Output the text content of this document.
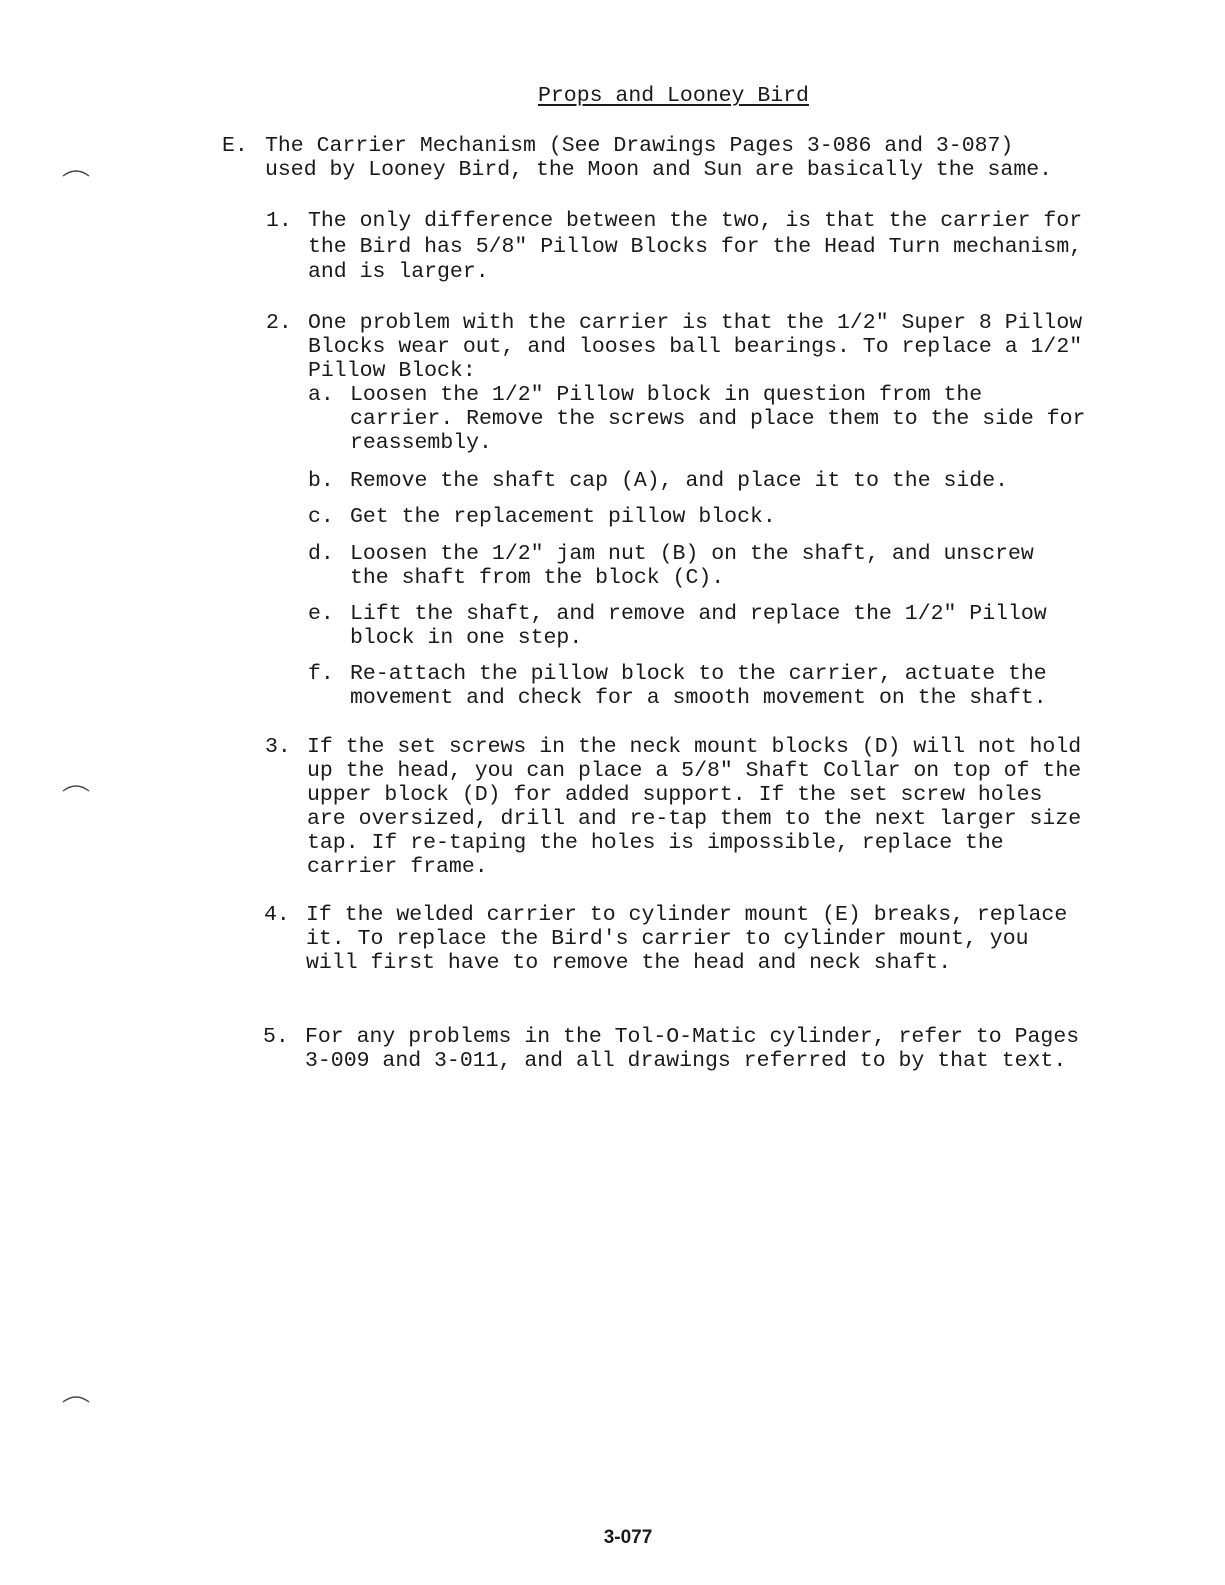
Props and Looney Bird
E. The Carrier Mechanism (See Drawings Pages 3-086 and 3-087)
used by Looney Bird, the Moon and Sun are basically the same.
1. The only difference between the two, is that the carrier for
the Bird has 5/8" Pillow Blocks for the Head Turn mechanism,
and is larger.
2. One problem with the carrier is that the 1/2" Super 8 Pillow
Blocks wear out, and looses ball bearings. To replace a 1/2"
Pillow Block:
a. Loosen the 1/2" Pillow block in question from the
carrier. Remove the screws and place them to the side for
reassembly.
b. Remove the shaft cap (A), and place it to the side.
c. Get the replacement pillow block.
d. Loosen the 1/2" jam nut (B) on the shaft, and unscrew
the shaft from the block (C).
e. Lift the shaft, and remove and replace the 1/2" Pillow
block in one step.
f. Re-attach the pillow block to the carrier, actuate the
movement and check for a smooth movement on the shaft.
3. If the set screws in the neck mount blocks (D) will not hold
up the head, you can place a 5/8" Shaft Collar on top of the
upper block (D) for added support. If the set screw holes
are oversized, drill and re-tap them to the next larger size
tap. If re-taping the holes is impossible, replace the
carrier frame.
4. If the welded carrier to cylinder mount (E) breaks, replace
it. To replace the Bird's carrier to cylinder mount, you
will first have to remove the head and neck shaft.
5. For any problems in the Tol-O-Matic cylinder, refer to Pages
3-009 and 3-011, and all drawings referred to by that text.
3-077
